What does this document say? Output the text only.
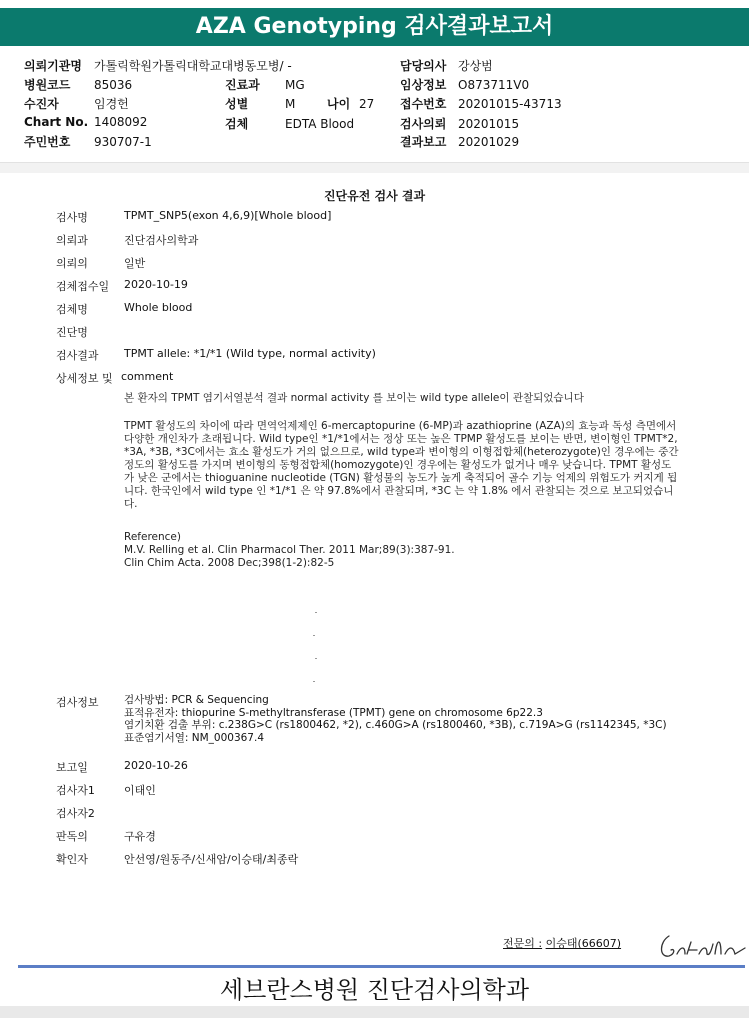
AZA Genotyping 검사결과보고서
의뢰기관명 가톨릭학원가톨릭대학교대병동모병/ -
병원코드 85036
수진자	임경헌
Chart No. 1408092
주민번호 930707-1
진료과 MG
성별	M	나이 27
검체	EDTA Blood
담당의사 강상범
임상정보 O873711V0
접수번호 20201015-43713
검사의뢰 20201015
결과보고 20201029
진단유전 검사 결과
검사명	TPMT_SNP5(exon 4,6,9)[Whole blood]
의뢰과	진단검사의학과
의뢰의	일반
검체접수일	2020-10-19
검체명	Whole blood
진단명
검사결과	TPMT allele: *1/*1 (Wild type, normal activity)
상세정보 및 comment

본 환자의 TPMT 염기서열분석 결과 normal activity 를 보이는 wild type allele이 관찰되었습니다

TPMT 활성도의 차이에 따라 면역억제제인 6-mercaptopurine (6-MP)과 azathioprine (AZA)의 효능과 독성 측면에서 다양한 개인차가 초래됩니다. Wild type인 *1/*1에서는 정상 또는 높은 TPMP 활성도를 보이는 반면, 변이형인 TPMT*2, *3A, *3B, *3C에서는 효소 활성도가 거의 없으므로, wild type과 변이형의 이형접합체(heterozygote)인 경우에는 중간 정도의 활성도를 가지며 변이형의 동형접합체(homozygote)인 경우에는 활성도가 없거나 매우 낮습니다. TPMT 활성도가 낮은 군에서는 thioguanine nucleotide (TGN) 활성물의 농도가 높게 축적되어 골수 기능 억제의 위험도가 커지게 됩니다. 한국인에서 wild type 인 *1/*1 은 약 97.8%에서 관찰되며, *3C 는 약 1.8% 에서 관찰되는 것으로 보고되었습니다.

Reference)

M.V. Relling et al. Clin Pharmacol Ther. 2011 Mar;89(3):387-91.

Clin Chim Acta. 2008 Dec;398(1-2):82-5

검사정보	검사방법: PCR & Sequencing
표적유전자: thiopurine S-methyltransferase (TPMT) gene on chromosome 6p22.3
염기치환 검출 부위: c.238G>C (rs1800462, *2), c.460G>A (rs1800460, *3B), c.719A>G (rs1142345, *3C)
표준염기서열: NM_000367.4
보고일	2020-10-26
검사자1	이태인
검사자2
판독의	구유경
확인자	안선영/원동주/신새암/이승태/최종락
전문의 : 이승태(66607)
세브란스병원 진단검사의학과
